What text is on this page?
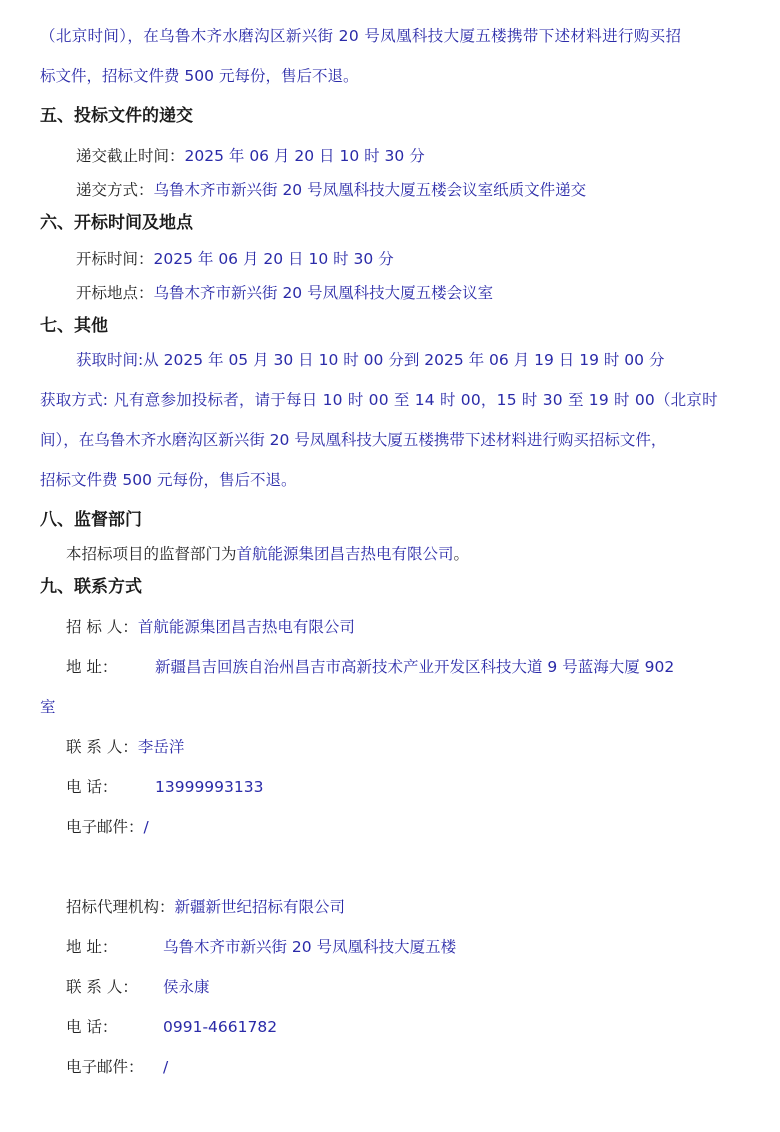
（北京时间），在乌鲁木齐水磨沟区新兴街 20 号凤凰科技大厦五楼携带下述材料进行购买招
标文件，招标文件费 500 元每份，售后不退。
五、投标文件的递交
递交截止时间：2025 年 06 月 20 日 10 时 30 分
递交方式：乌鲁木齐市新兴街 20 号凤凰科技大厦五楼会议室纸质文件递交
六、开标时间及地点
开标时间：2025 年 06 月 20 日 10 时 30 分
开标地点：乌鲁木齐市新兴街 20 号凤凰科技大厦五楼会议室
七、其他
获取时间:从 2025 年 05 月 30 日 10 时 00 分到 2025 年 06 月 19 日 19 时 00 分
获取方式: 凡有意参加投标者，请于每日 10 时 00 至 14 时 00，15 时 30 至 19 时 00（北京时
间），在乌鲁木齐水磨沟区新兴街 20 号凤凰科技大厦五楼携带下述材料进行购买招标文件，
招标文件费 500 元每份，售后不退。
八、监督部门
本招标项目的监督部门为首航能源集团昌吉热电有限公司。
九、联系方式
招 标 人：首航能源集团昌吉热电有限公司
地 址： 新疆昌吉回族自治州昌吉市高新技术产业开发区科技大道 9 号蓝海大厦 902
室
联 系 人：李岳洋
电 话： 13999993133
电子邮件：/
招标代理机构：新疆新世纪招标有限公司
地 址：	乌鲁木齐市新兴街 20 号凤凰科技大厦五楼
联 系 人： 侯永康
电 话：	0991-4661782
电子邮件： /
